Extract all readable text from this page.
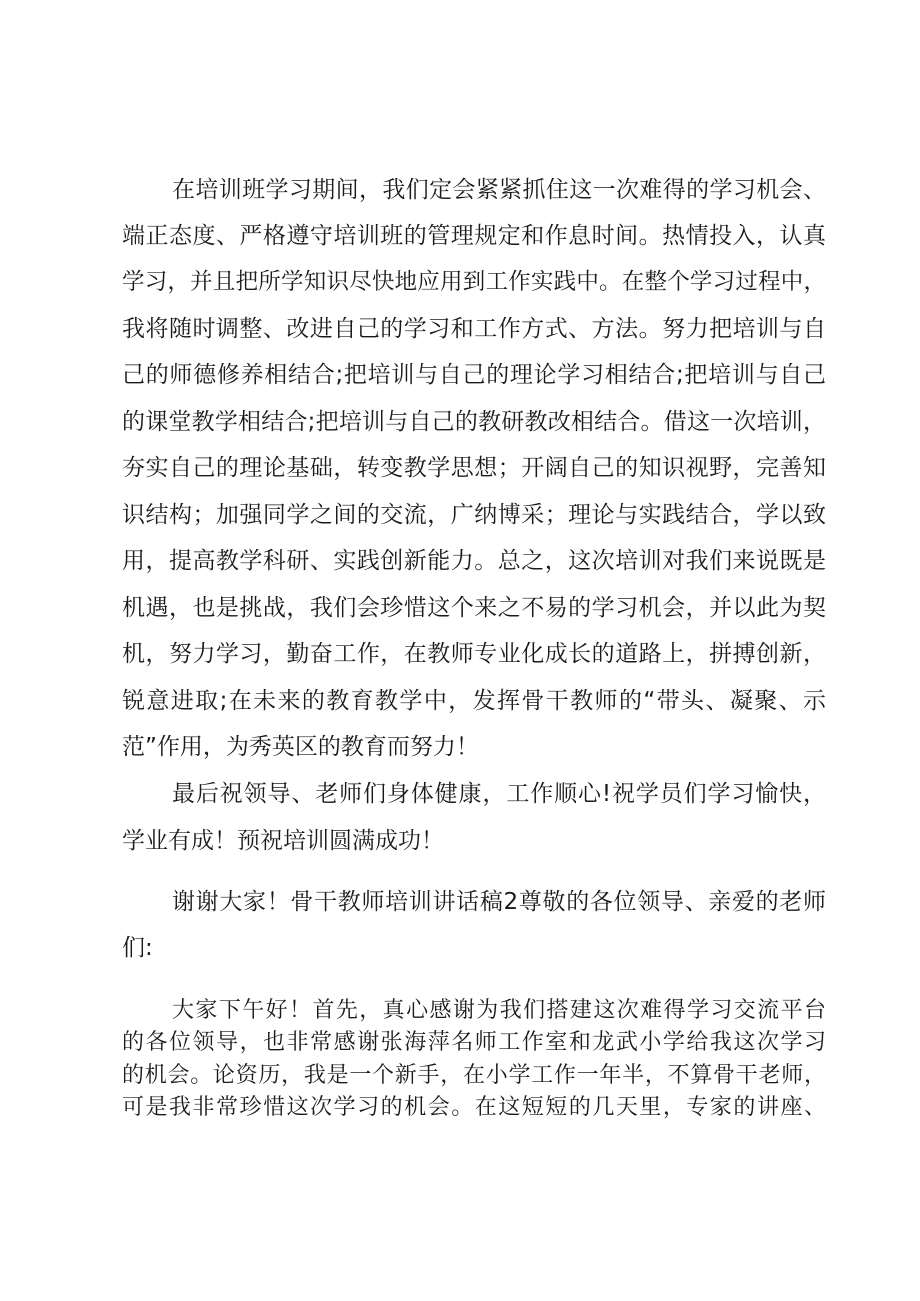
在培训班学习期间，我们定会紧紧抓住这一次难得的学习机会、
端正态度、严格遵守培训班的管理规定和作息时间。热情投入，认真
学习，并且把所学知识尽快地应用到工作实践中。在整个学习过程中，
我将随时调整、改进自己的学习和工作方式、方法。努力把培训与自
己的师德修养相结合;把培训与自己的理论学习相结合;把培训与自己
的课堂教学相结合;把培训与自己的教研教改相结合。借这一次培训，
夯实自己的理论基础，转变教学思想；开阔自己的知识视野，完善知
识结构；加强同学之间的交流，广纳博采；理论与实践结合，学以致
用，提高教学科研、实践创新能力。总之，这次培训对我们来说既是
机遇，也是挑战，我们会珍惜这个来之不易的学习机会，并以此为契
机，努力学习，勤奋工作，在教师专业化成长的道路上，拼搏创新，
锐意进取;在未来的教育教学中，发挥骨干教师的“带头、凝聚、示
范”作用，为秀英区的教育而努力！
最后祝领导、老师们身体健康，工作顺心!祝学员们学习愉快，
学业有成！预祝培训圆满成功！
谢谢大家！骨干教师培训讲话稿2尊敬的各位领导、亲爱的老师
们:
大家下午好！首先，真心感谢为我们搭建这次难得学习交流平台
的各位领导，也非常感谢张海萍名师工作室和龙武小学给我这次学习
的机会。论资历，我是一个新手，在小学工作一年半，不算骨干老师，
可是我非常珍惜这次学习的机会。在这短短的几天里，专家的讲座、
